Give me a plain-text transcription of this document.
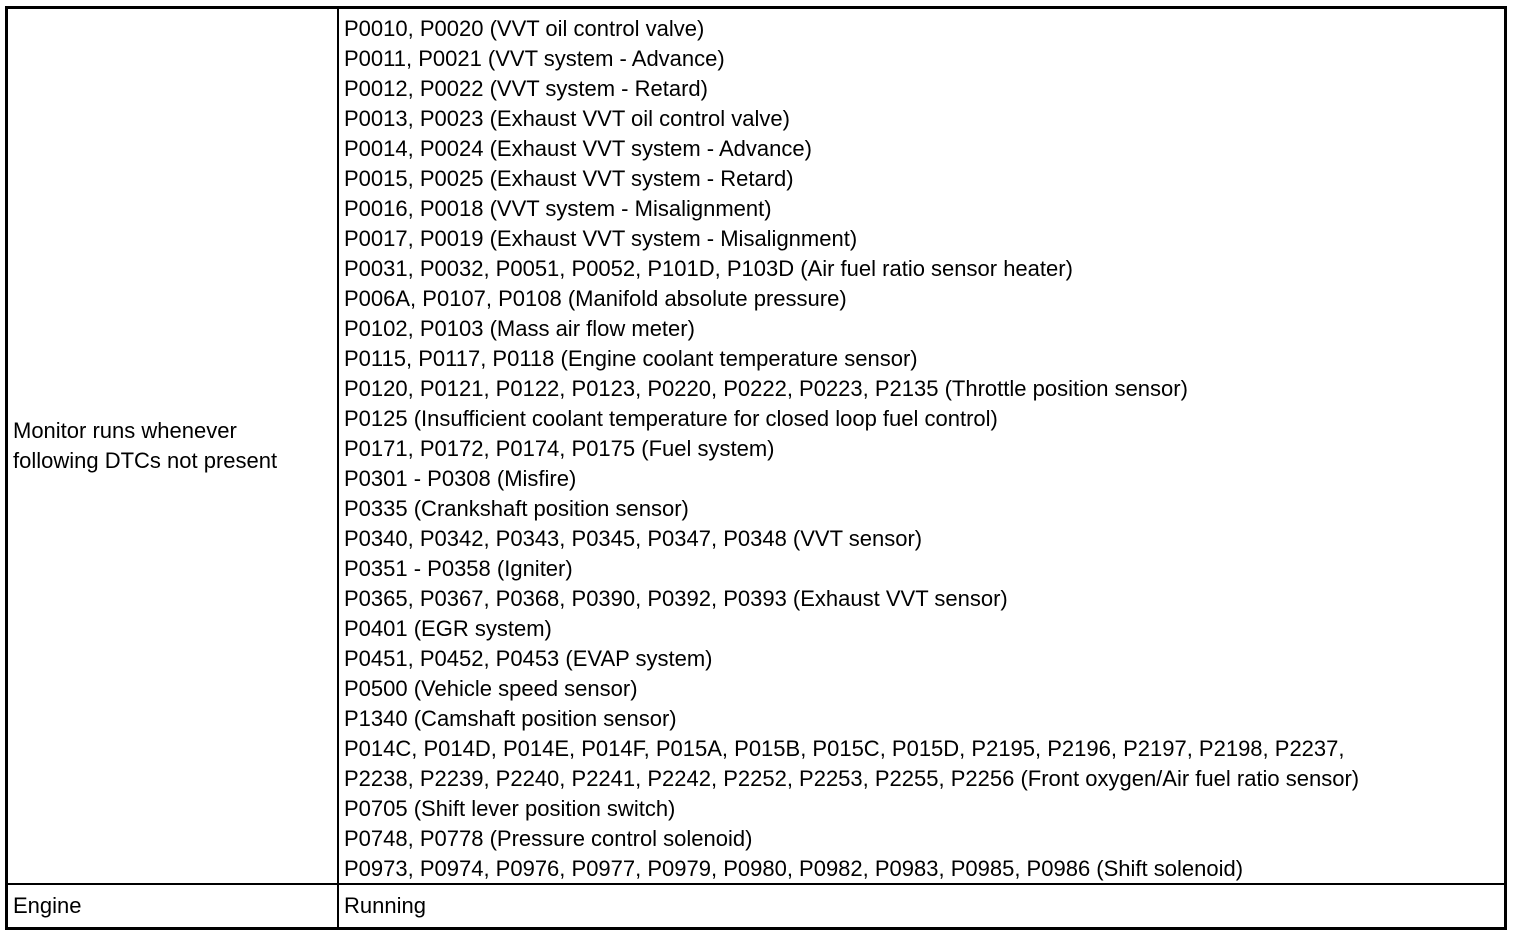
Monitor runs whenever
following DTCs not present
P0010, P0020 (VVT oil control valve)
P0011, P0021 (VVT system - Advance)
P0012, P0022 (VVT system - Retard)
P0013, P0023 (Exhaust VVT oil control valve)
P0014, P0024 (Exhaust VVT system - Advance)
P0015, P0025 (Exhaust VVT system - Retard)
P0016, P0018 (VVT system - Misalignment)
P0017, P0019 (Exhaust VVT system - Misalignment)
P0031, P0032, P0051, P0052, P101D, P103D (Air fuel ratio sensor heater)
P006A, P0107, P0108 (Manifold absolute pressure)
P0102, P0103 (Mass air flow meter)
P0115, P0117, P0118 (Engine coolant temperature sensor)
P0120, P0121, P0122, P0123, P0220, P0222, P0223, P2135 (Throttle position sensor)
P0125 (Insufficient coolant temperature for closed loop fuel control)
P0171, P0172, P0174, P0175 (Fuel system)
P0301 - P0308 (Misfire)
P0335 (Crankshaft position sensor)
P0340, P0342, P0343, P0345, P0347, P0348 (VVT sensor)
P0351 - P0358 (Igniter)
P0365, P0367, P0368, P0390, P0392, P0393 (Exhaust VVT sensor)
P0401 (EGR system)
P0451, P0452, P0453 (EVAP system)
P0500 (Vehicle speed sensor)
P1340 (Camshaft position sensor)
P014C, P014D, P014E, P014F, P015A, P015B, P015C, P015D, P2195, P2196, P2197, P2198, P2237,
P2238, P2239, P2240, P2241, P2242, P2252, P2253, P2255, P2256 (Front oxygen/Air fuel ratio sensor)
P0705 (Shift lever position switch)
P0748, P0778 (Pressure control solenoid)
P0973, P0974, P0976, P0977, P0979, P0980, P0982, P0983, P0985, P0986 (Shift solenoid)
Engine	Running
